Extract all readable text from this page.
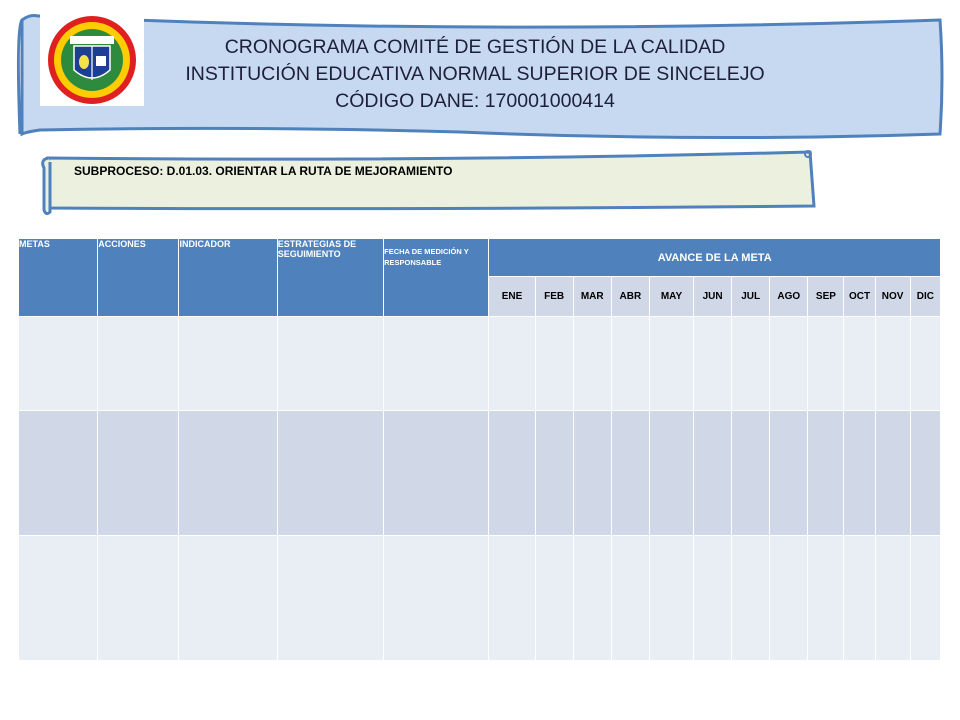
CRONOGRAMA COMITÉ DE GESTIÓN DE LA CALIDAD
INSTITUCIÓN EDUCATIVA NORMAL SUPERIOR DE SINCELEJO
CÓDIGO DANE: 170001000414
SUBPROCESO: D.01.03. ORIENTAR LA RUTA DE MEJORAMIENTO
METAS	ACCIONES	INDICADOR	ESTRATEGIAS DE SEGUIMIENTO	FECHA DE MEDICIÓN Y RESPONSABLE	AVANCE DE LA META											
					ENE	FEB	MAR	ABR	MAY	JUN	JUL	AGO	SEP	OCT	NOV	DIC
